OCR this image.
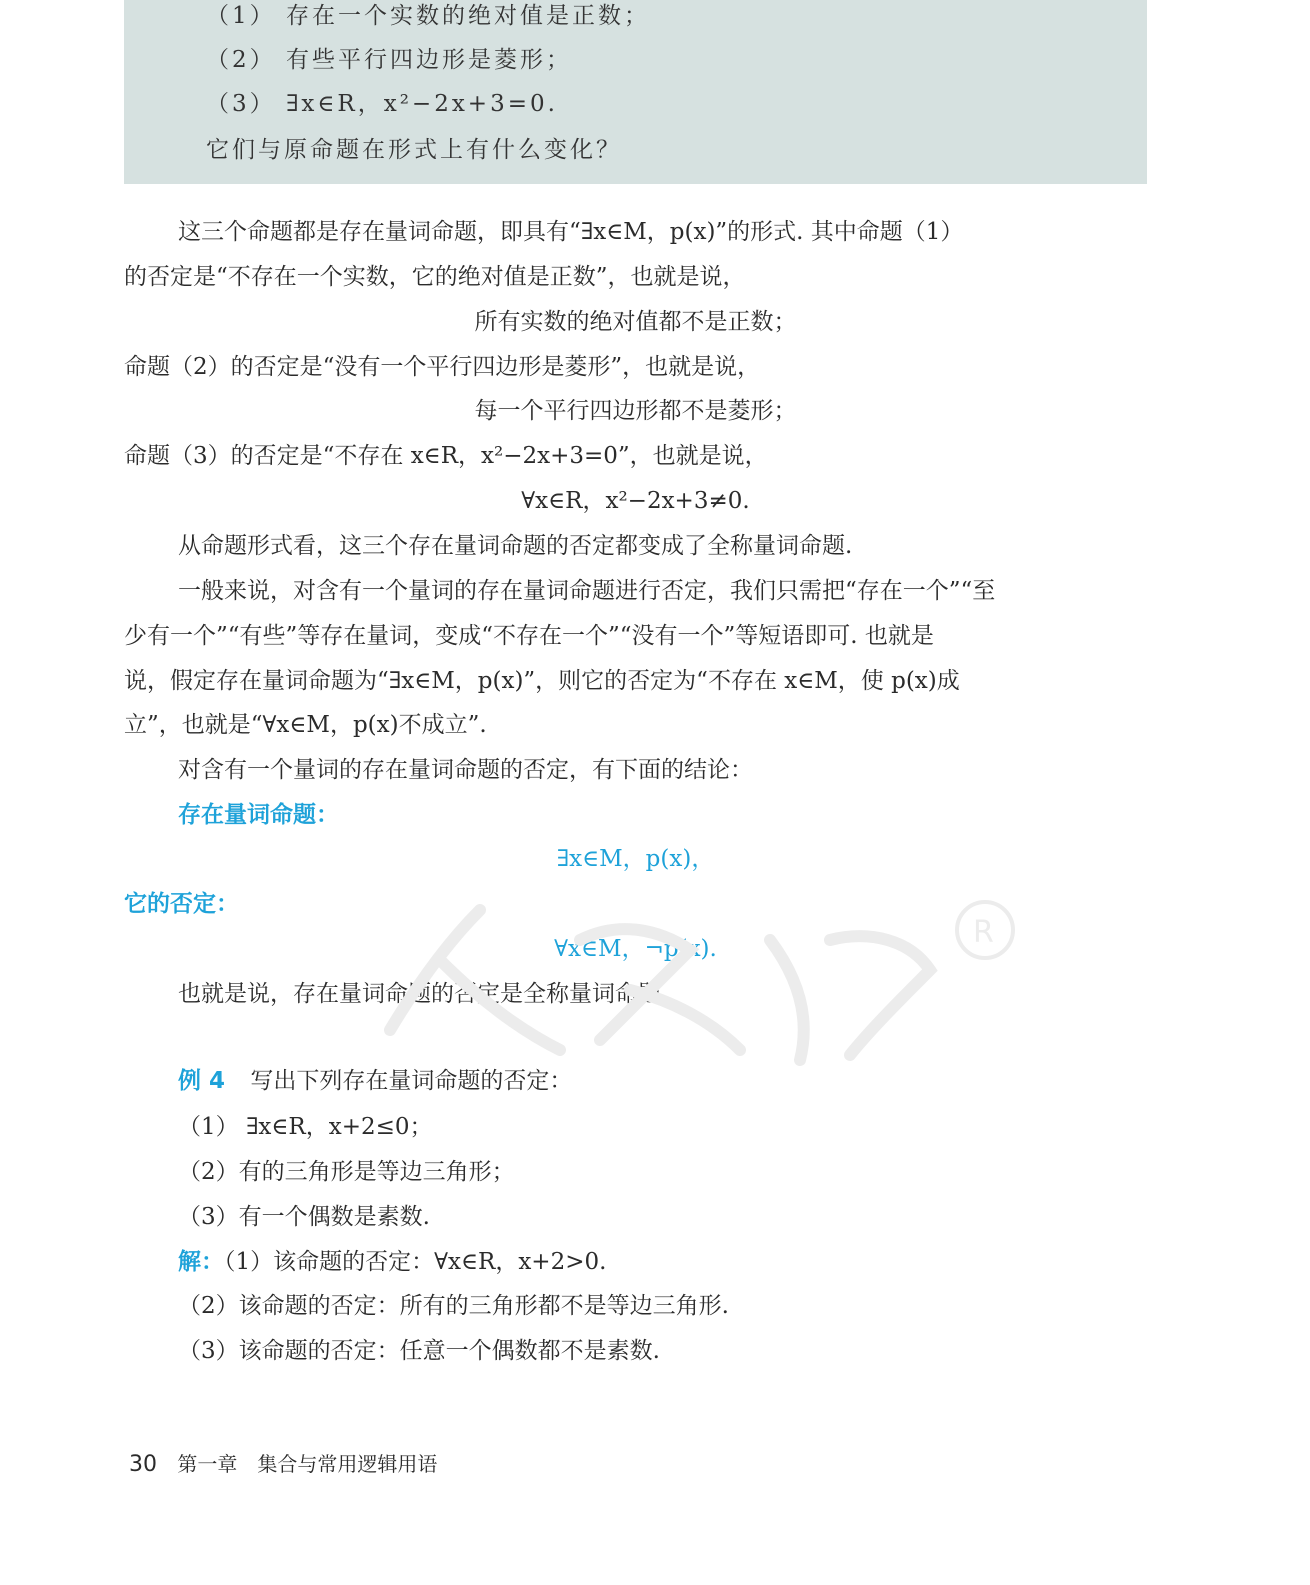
（1） 存在一个实数的绝对值是正数；
（2） 有些平行四边形是菱形；
（3） ∃x∈R，x²−2x+3=0.
它们与原命题在形式上有什么变化？
这三个命题都是存在量词命题，即具有“∃x∈M，p(x)”的形式. 其中命题（1）
的否定是“不存在一个实数，它的绝对值是正数”，也就是说，
所有实数的绝对值都不是正数；
命题（2）的否定是“没有一个平行四边形是菱形”，也就是说，
每一个平行四边形都不是菱形；
命题（3）的否定是“不存在 x∈R，x²−2x+3=0”，也就是说，
∀x∈R，x²−2x+3≠0.
从命题形式看，这三个存在量词命题的否定都变成了全称量词命题.
一般来说，对含有一个量词的存在量词命题进行否定，我们只需把“存在一个”“至
少有一个”“有些”等存在量词，变成“不存在一个”“没有一个”等短语即可. 也就是
说，假定存在量词命题为“∃x∈M，p(x)”，则它的否定为“不存在 x∈M，使 p(x)成
立”，也就是“∀x∈M，p(x)不成立”.
对含有一个量词的存在量词命题的否定，有下面的结论：
存在量词命题：
∃x∈M，p(x)，
它的否定：
∀x∈M，¬p(x).
也就是说，存在量词命题的否定是全称量词命题.
R
例 4 写出下列存在量词命题的否定：
（1） ∃x∈R，x+2≤0；
（2）有的三角形是等边三角形；
（3）有一个偶数是素数.
解：（1）该命题的否定：∀x∈R，x+2>0.
（2）该命题的否定：所有的三角形都不是等边三角形.
（3）该命题的否定：任意一个偶数都不是素数.
30 第一章　集合与常用逻辑用语
